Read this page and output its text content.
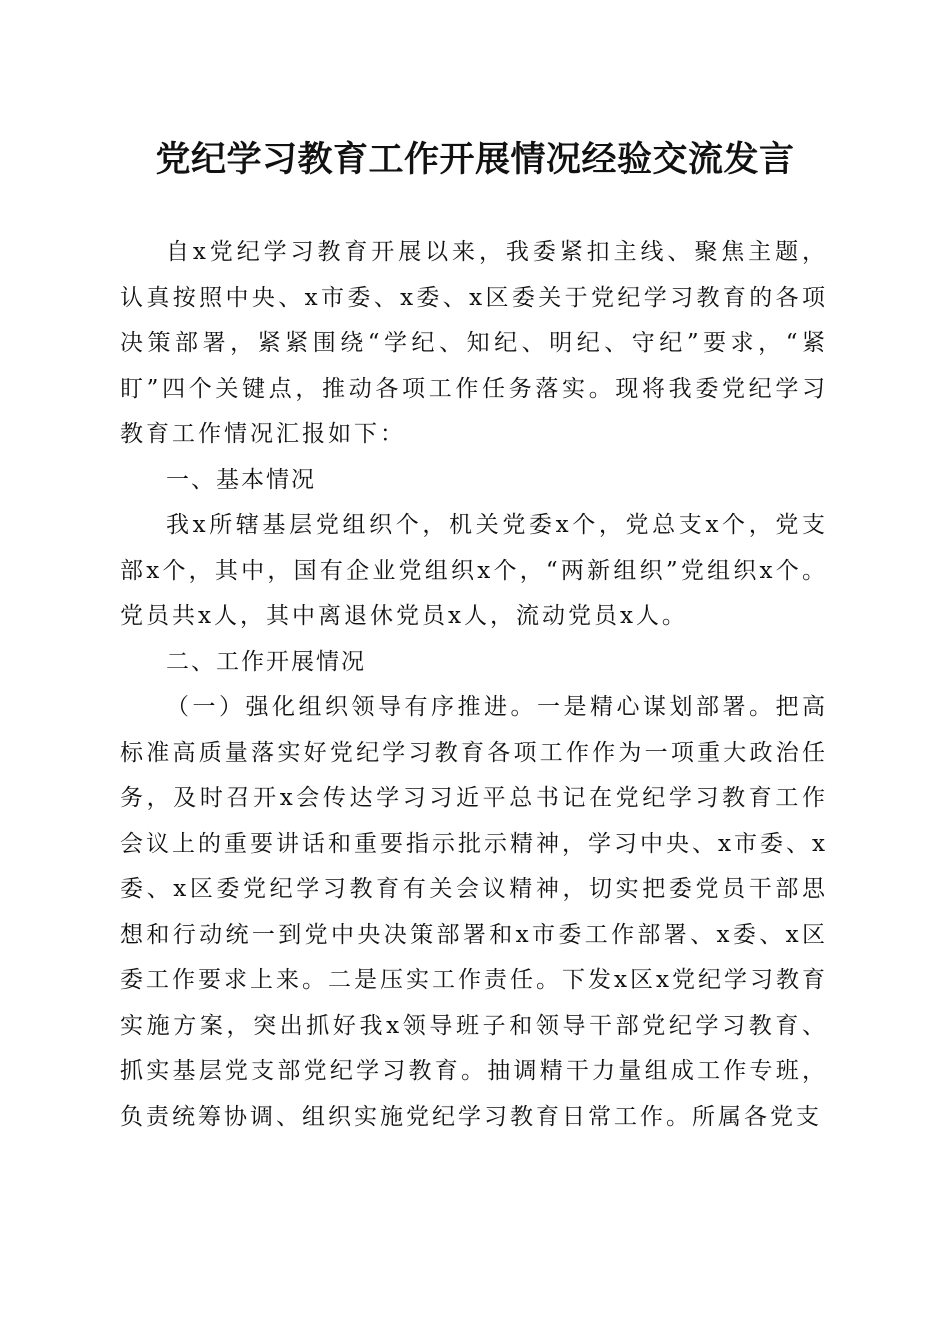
党纪学习教育工作开展情况经验交流发言

自x党纪学习教育开展以来，我委紧扣主线、聚焦主题，认真按照中央、x市委、x委、x区委关于党纪学习教育的各项决策部署，紧紧围绕“学纪、知纪、明纪、守纪”要求，“紧盯”四个关键点，推动各项工作任务落实。现将我委党纪学习教育工作情况汇报如下：

一、基本情况

我x所辖基层党组织个，机关党委x个，党总支x个，党支部x个，其中，国有企业党组织x个，“两新组织”党组织x个。党员共x人，其中离退休党员x人，流动党员x人。

二、工作开展情况

（一）强化组织领导有序推进。一是精心谋划部署。把高标准高质量落实好党纪学习教育各项工作作为一项重大政治任务，及时召开x会传达学习习近平总书记在党纪学习教育工作会议上的重要讲话和重要指示批示精神，学习中央、x市委、x委、x区委党纪学习教育有关会议精神，切实把委党员干部思想和行动统一到党中央决策部署和x市委工作部署、x委、x区委工作要求上来。二是压实工作责任。下发x区x党纪学习教育实施方案，突出抓好我x领导班子和领导干部党纪学习教育、抓实基层党支部党纪学习教育。抽调精干力量组成工作专班，负责统筹协调、组织实施党纪学习教育日常工作。所属各党支
